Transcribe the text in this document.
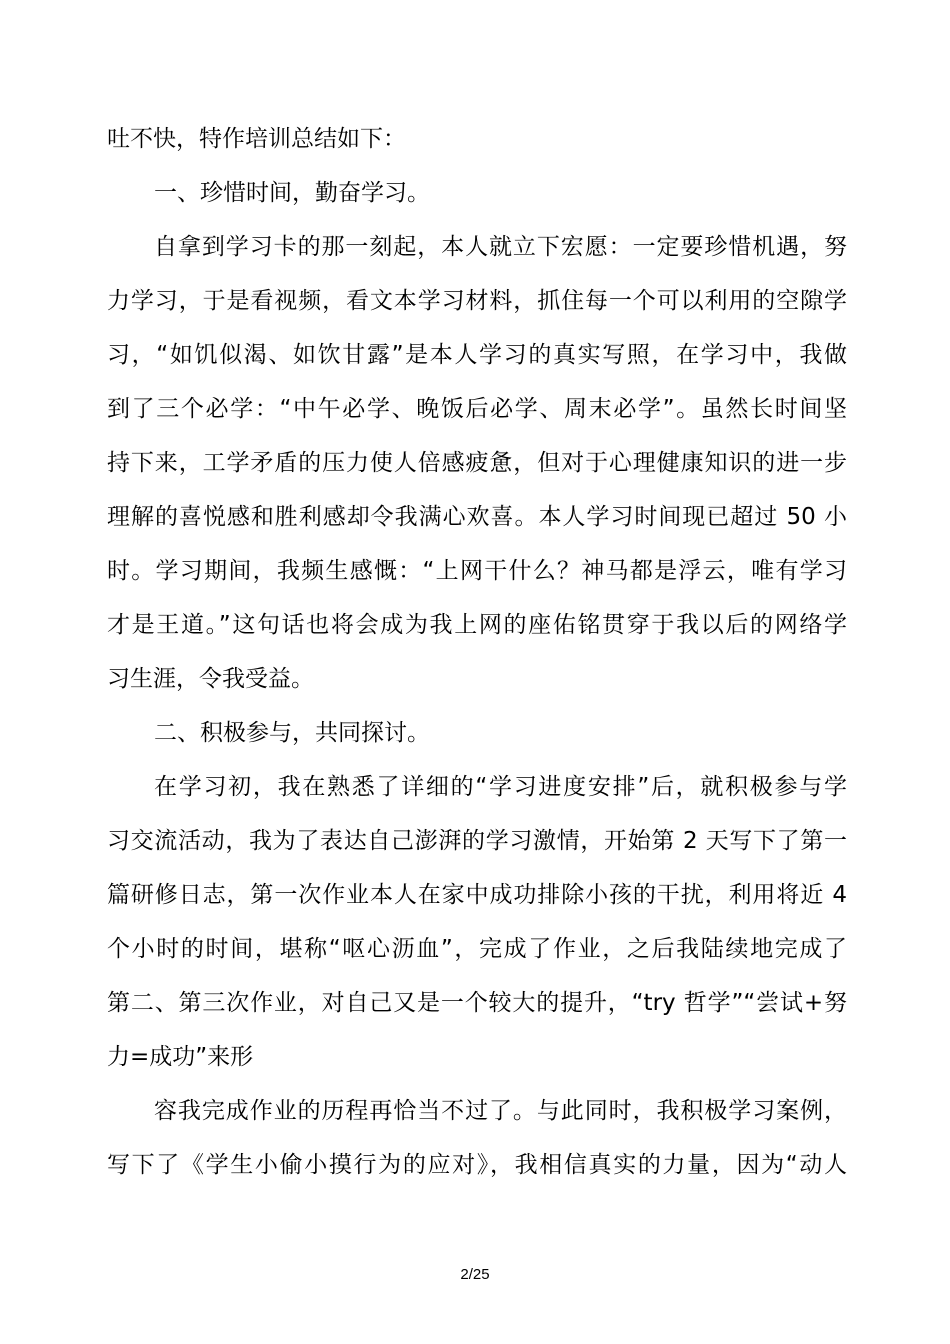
吐不快，特作培训总结如下：
一、珍惜时间，勤奋学习。
自拿到学习卡的那一刻起，本人就立下宏愿：一定要珍惜机遇，努
力学习，于是看视频，看文本学习材料，抓住每一个可以利用的空隙学
习，“如饥似渴、如饮甘露”是本人学习的真实写照，在学习中，我做
到了三个必学：“中午必学、晚饭后必学、周末必学”。虽然长时间坚
持下来，工学矛盾的压力使人倍感疲惫，但对于心理健康知识的进一步
理解的喜悦感和胜利感却令我满心欢喜。本人学习时间现已超过 50 小
时。学习期间，我频生感慨：“上网干什么？神马都是浮云，唯有学习
才是王道。”这句话也将会成为我上网的座佑铭贯穿于我以后的网络学
习生涯，令我受益。
二、积极参与，共同探讨。
在学习初，我在熟悉了详细的“学习进度安排”后，就积极参与学
习交流活动，我为了表达自己澎湃的学习激情，开始第 2 天写下了第一
篇研修日志，第一次作业本人在家中成功排除小孩的干扰，利用将近 4
个小时的时间，堪称“呕心沥血”，完成了作业，之后我陆续地完成了
第二、第三次作业，对自己又是一个较大的提升，“try 哲学”“尝试+努
力=成功”来形
容我完成作业的历程再恰当不过了。与此同时，我积极学习案例，
写下了《学生小偷小摸行为的应对》，我相信真实的力量，因为“动人
2/25
